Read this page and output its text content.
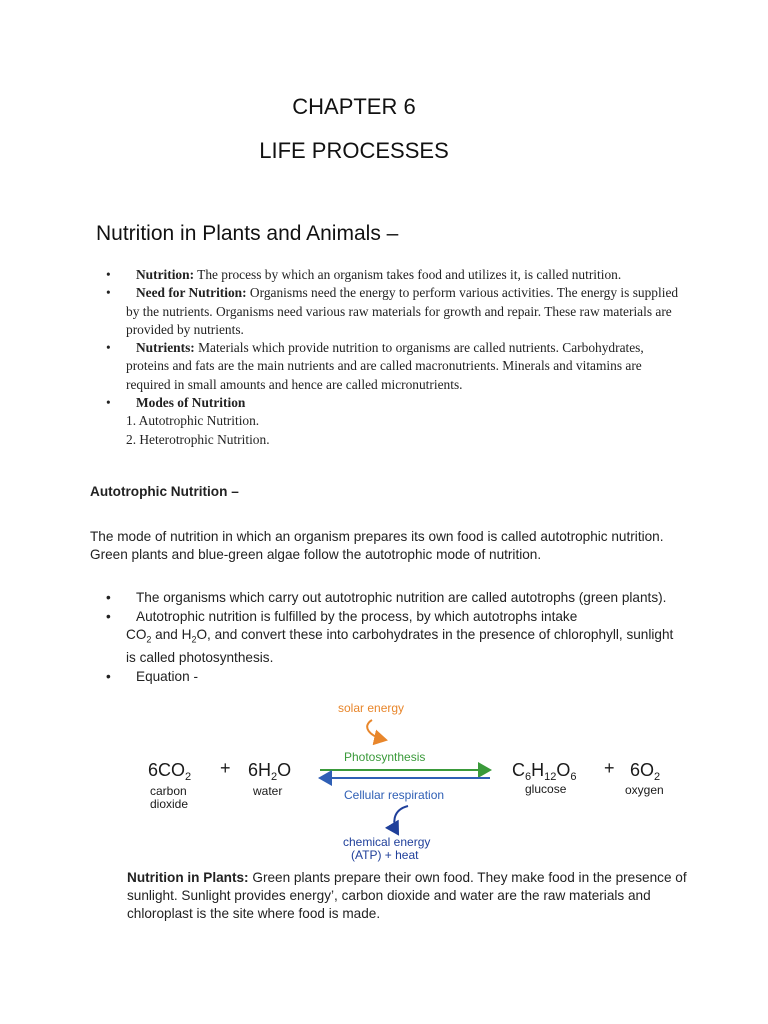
CHAPTER 6
LIFE PROCESSES
Nutrition in Plants and Animals –
•	Nutrition: The process by which an organism takes food and utilizes it, is called nutrition.
•	Need for Nutrition: Organisms need the energy to perform various activities. The energy is supplied by the nutrients. Organisms need various raw materials for growth and repair. These raw materials are provided by nutrients.
•	Nutrients: Materials which provide nutrition to organisms are called nutrients. Carbohydrates, proteins and fats are the main nutrients and are called macronutrients. Minerals and vitamins are required in small amounts and hence are called micronutrients.
•	Modes of Nutrition
1. Autotrophic Nutrition.
2. Heterotrophic Nutrition.
Autotrophic Nutrition –
The mode of nutrition in which an organism prepares its own food is called autotrophic nutrition. Green plants and blue-green algae follow the autotrophic mode of nutrition.
•	The organisms which carry out autotrophic nutrition are called autotrophs (green plants).
•	Autotrophic nutrition is fulfilled by the process, by which autotrophs intake
$CO_2$ and $H_2O$, and convert these into carbohydrates in the presence of chlorophyll, sunlight is called photosynthesis.
•	Equation -
solar energy
Photosynthesis
Cellular respiration
chemical energy
(ATP) + heat
$6CO_2 + 6H_2O$	$C_6H_{12}O_6 + 6O_2$
carbon
dioxide
water	glucose	oxygen
Nutrition in Plants: Green plants prepare their own food. They make food in the presence of sunlight. Sunlight provides energy’, carbon dioxide and water are the raw materials and chloroplast is the site where food is made.
